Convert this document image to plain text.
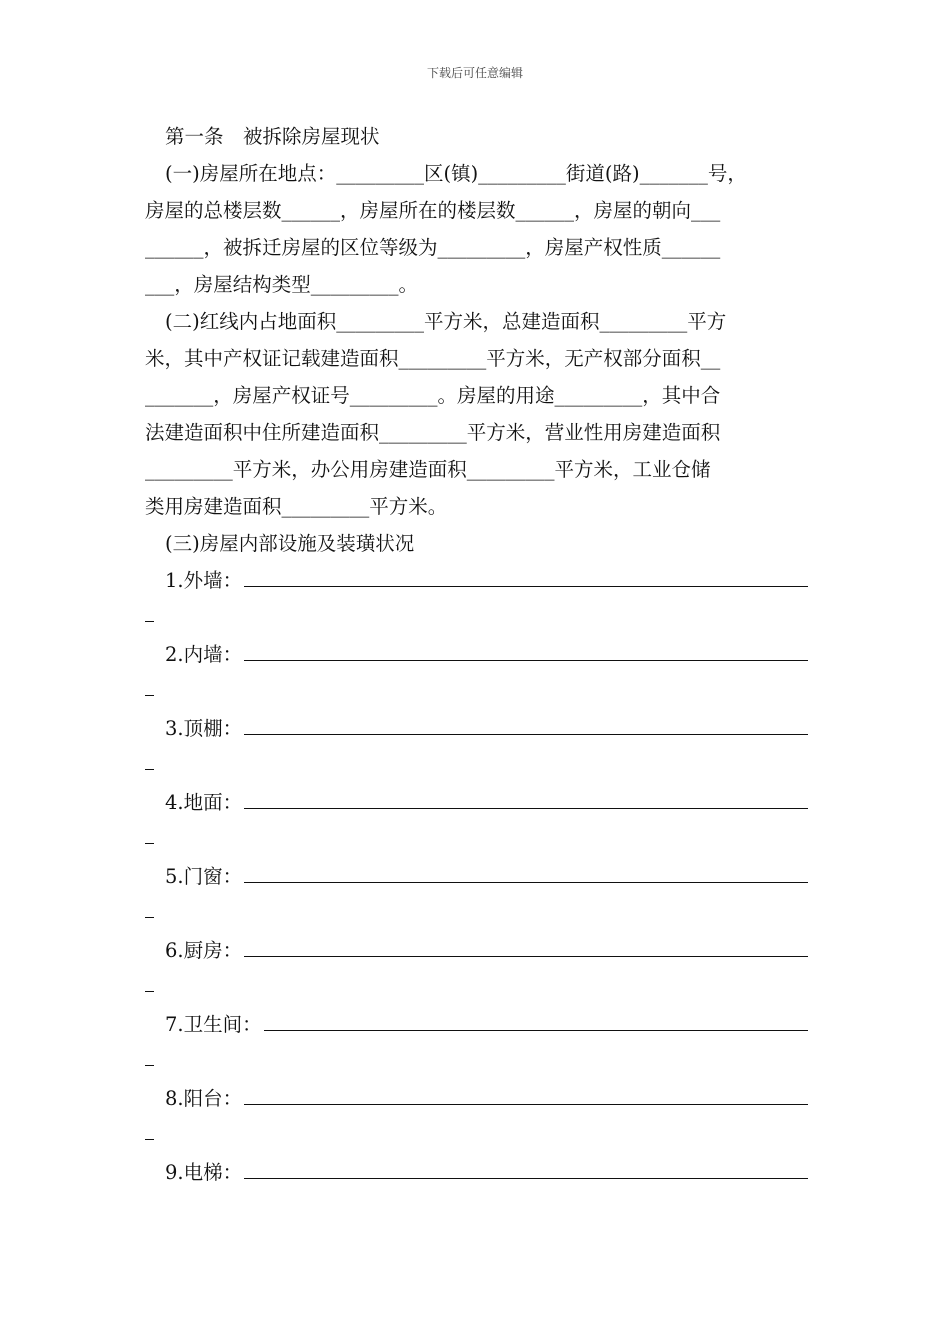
下载后可任意编辑
第一条　被拆除房屋现状
(一)房屋所在地点：_________区(镇)_________街道(路)_______号，
房屋的总楼层数______，房屋所在的楼层数______，房屋的朝向___
______，被拆迁房屋的区位等级为_________，房屋产权性质______
___，房屋结构类型_________。
(二)红线内占地面积_________平方米，总建造面积_________平方
米，其中产权证记载建造面积_________平方米，无产权部分面积__
_______，房屋产权证号_________。房屋的用途_________，其中合
法建造面积中住所建造面积_________平方米，营业性用房建造面积
_________平方米，办公用房建造面积_________平方米，工业仓储
类用房建造面积_________平方米。
(三)房屋内部设施及装璜状况
1.外墙：
2.内墙：
3.顶棚：
4.地面：
5.门窗：
6.厨房：
7.卫生间：
8.阳台：
9.电梯：
